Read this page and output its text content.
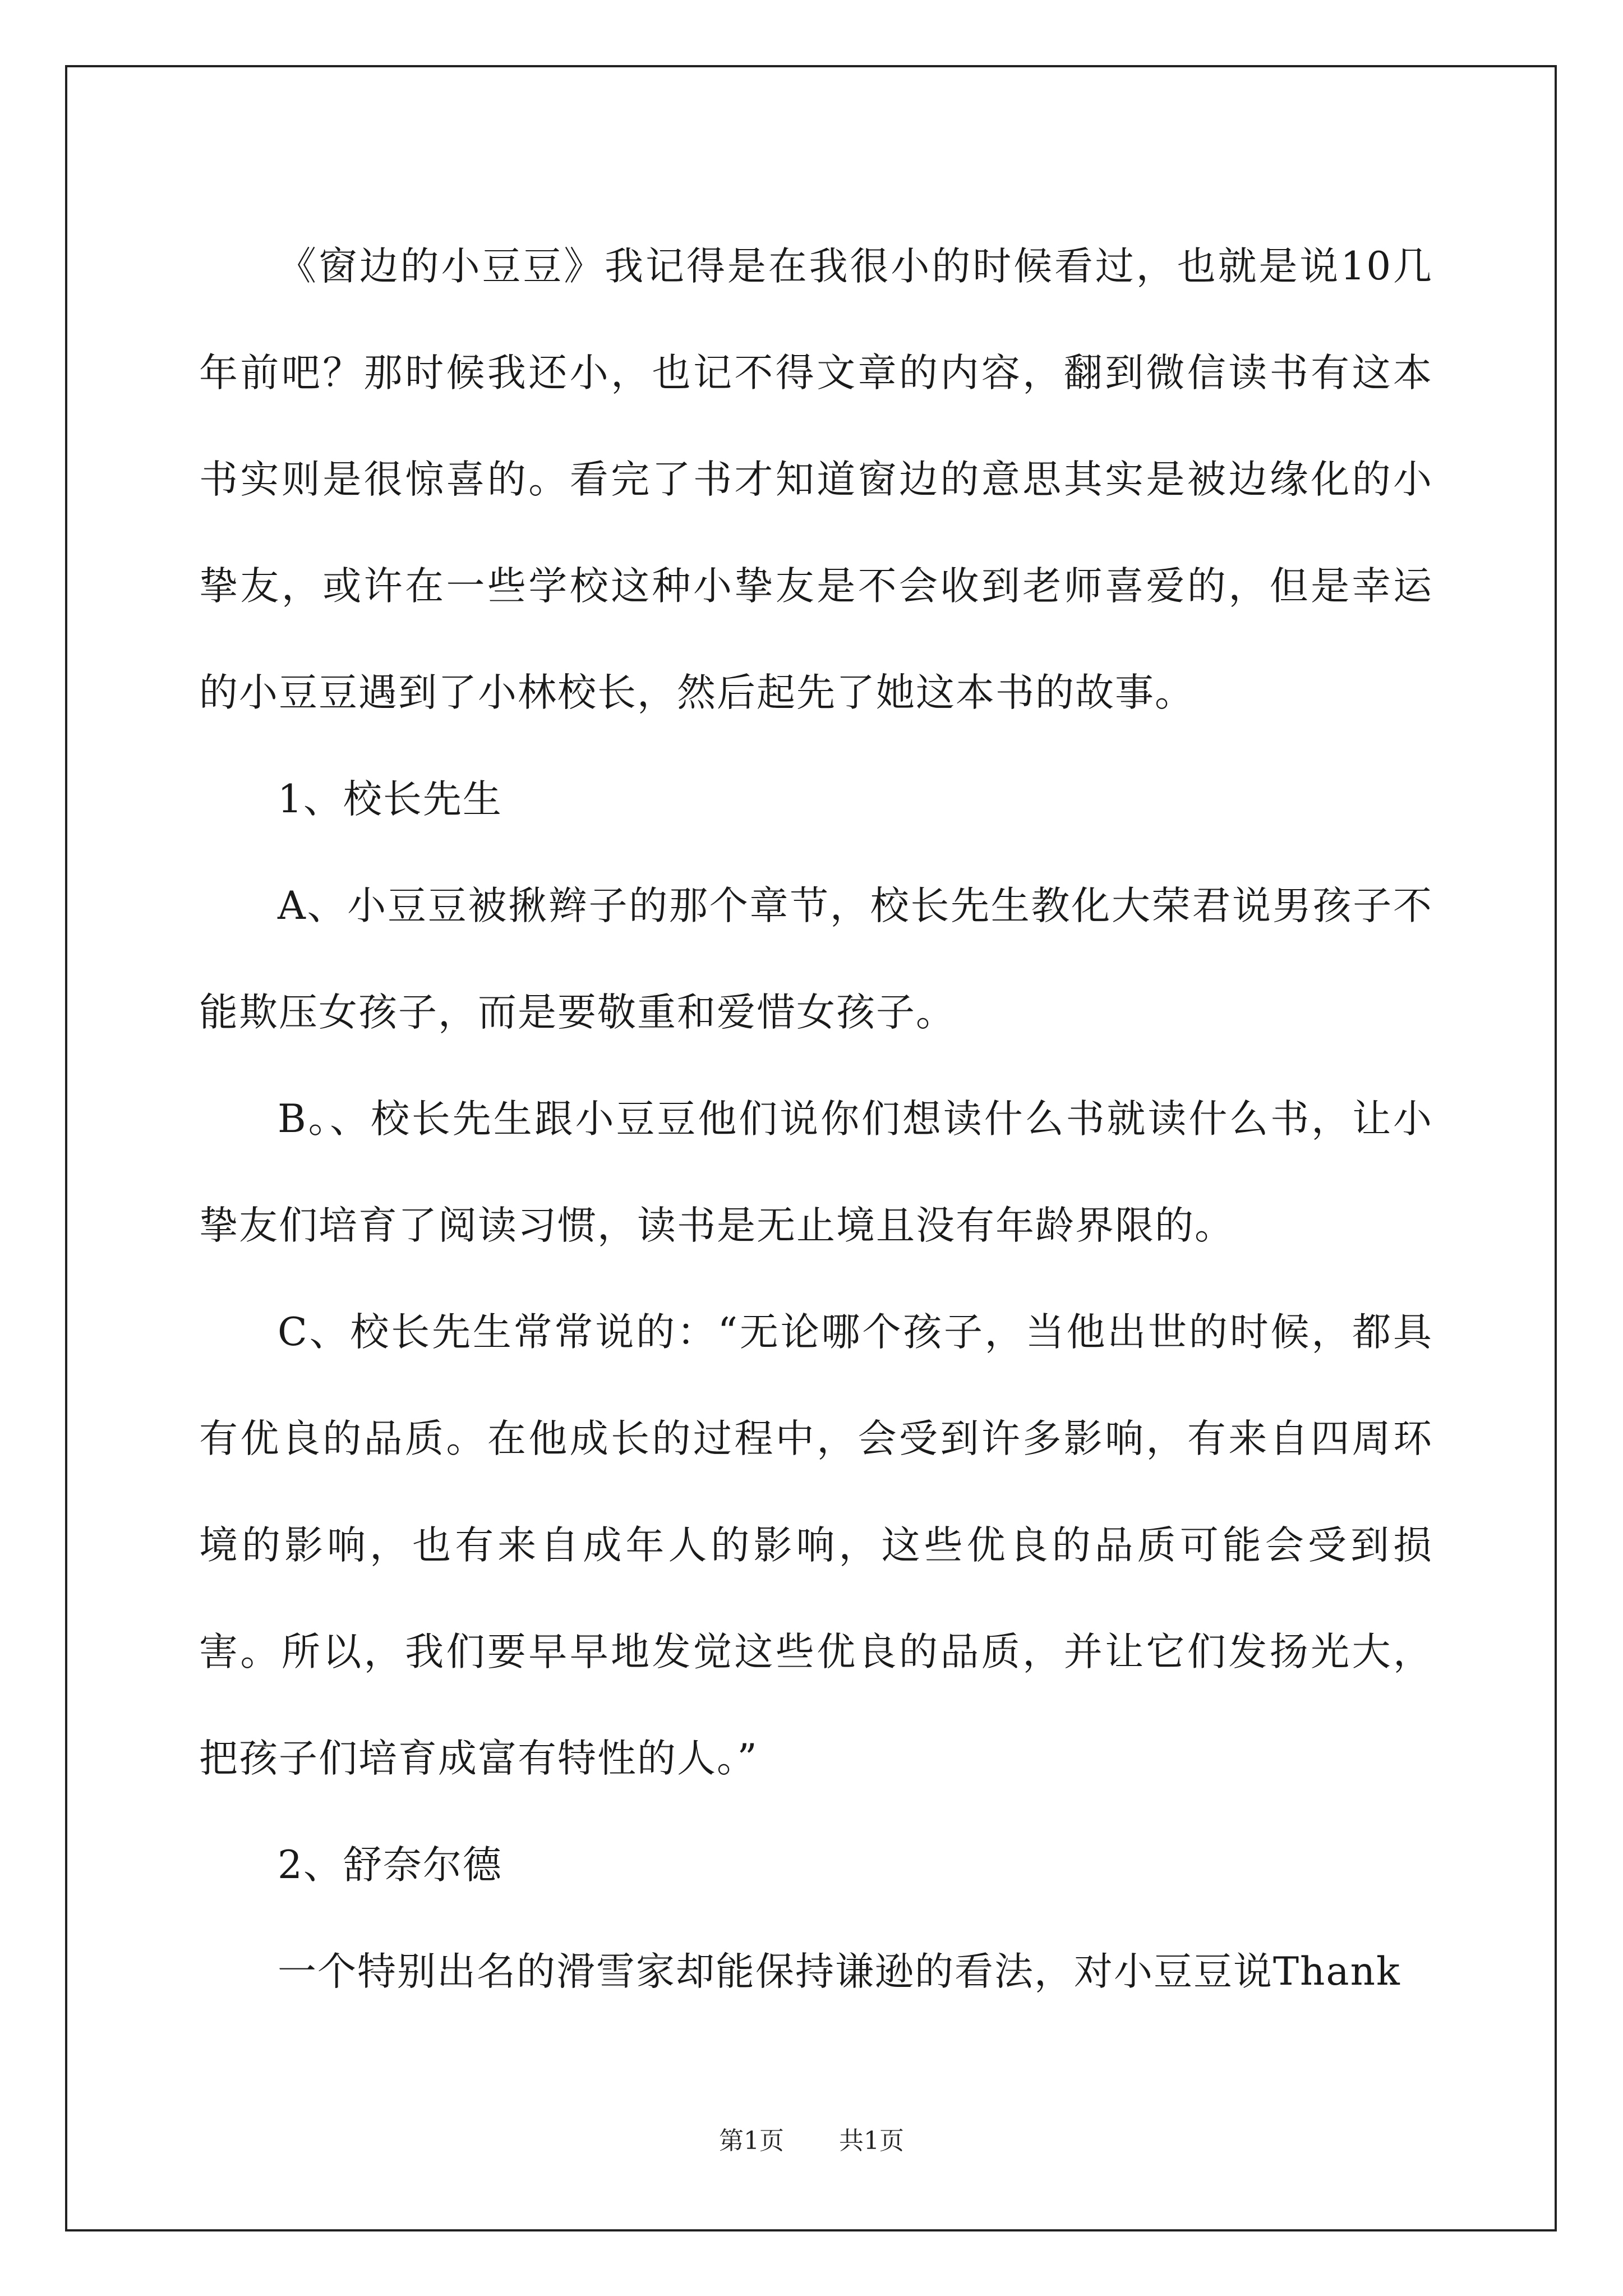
《窗边的小豆豆》我记得是在我很小的时候看过，也就是说10几年前吧？那时候我还小，也记不得文章的内容，翻到微信读书有这本书实则是很惊喜的。看完了书才知道窗边的意思其实是被边缘化的小挚友，或许在一些学校这种小挚友是不会收到老师喜爱的，但是幸运的小豆豆遇到了小林校长，然后起先了她这本书的故事。

1、校长先生

A、小豆豆被揪辫子的那个章节，校长先生教化大荣君说男孩子不能欺压女孩子，而是要敬重和爱惜女孩子。

B。、校长先生跟小豆豆他们说你们想读什么书就读什么书，让小挚友们培育了阅读习惯，读书是无止境且没有年龄界限的。

C、校长先生常常说的：“无论哪个孩子，当他出世的时候，都具有优良的品质。在他成长的过程中，会受到许多影响，有来自四周环境的影响，也有来自成年人的影响，这些优良的品质可能会受到损害。所以，我们要早早地发觉这些优良的品质，并让它们发扬光大，把孩子们培育成富有特性的人。”

2、舒奈尔德

一个特别出名的滑雪家却能保持谦逊的看法，对小豆豆说Thank

第1页 共1页
